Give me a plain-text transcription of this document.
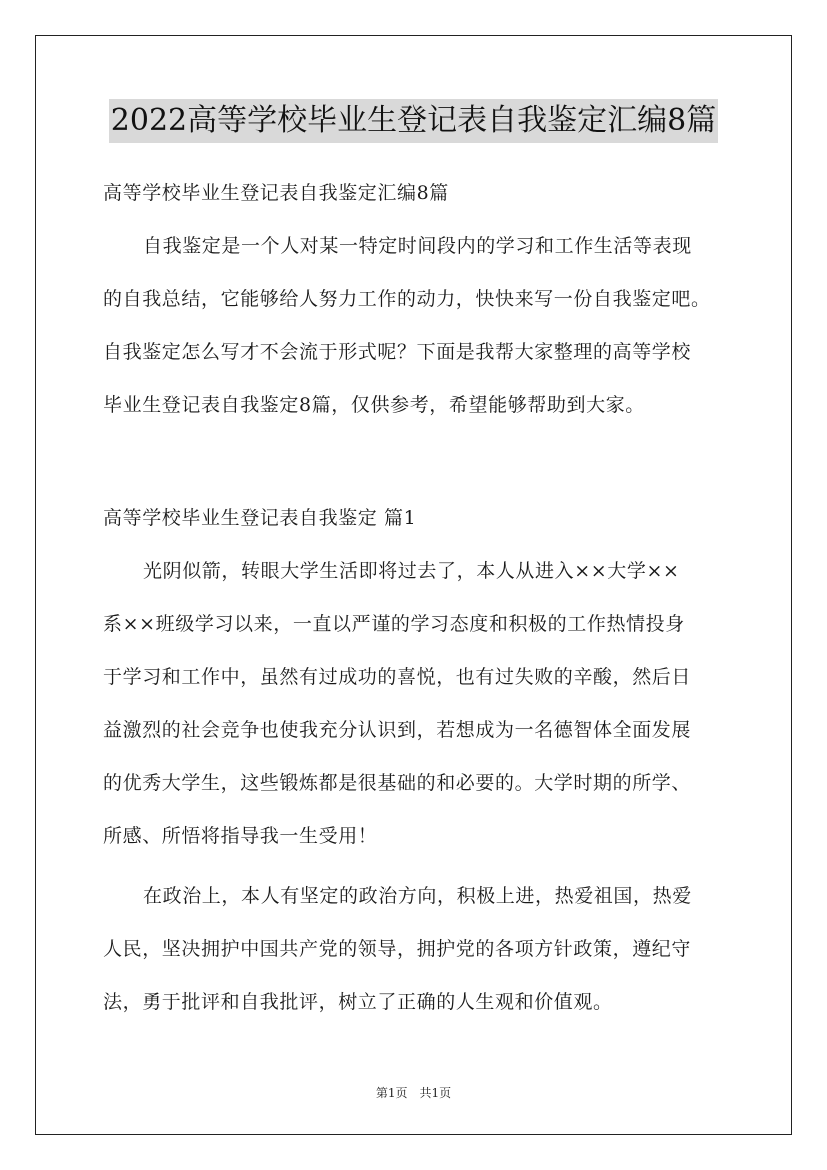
2022高等学校毕业生登记表自我鉴定汇编8篇
高等学校毕业生登记表自我鉴定汇编8篇
自我鉴定是一个人对某一特定时间段内的学习和工作生活等表现
的自我总结，它能够给人努力工作的动力，快快来写一份自我鉴定吧。
自我鉴定怎么写才不会流于形式呢？下面是我帮大家整理的高等学校
毕业生登记表自我鉴定8篇，仅供参考，希望能够帮助到大家。
高等学校毕业生登记表自我鉴定 篇1
光阴似箭，转眼大学生活即将过去了，本人从进入××大学××
系××班级学习以来，一直以严谨的学习态度和积极的工作热情投身
于学习和工作中，虽然有过成功的喜悦，也有过失败的辛酸，然后日
益激烈的社会竞争也使我充分认识到，若想成为一名德智体全面发展
的优秀大学生，这些锻炼都是很基础的和必要的。大学时期的所学、
所感、所悟将指导我一生受用！
在政治上，本人有坚定的政治方向，积极上进，热爱祖国，热爱
人民，坚决拥护中国共产党的领导，拥护党的各项方针政策，遵纪守
法，勇于批评和自我批评，树立了正确的人生观和价值观。
第1页　共1页
